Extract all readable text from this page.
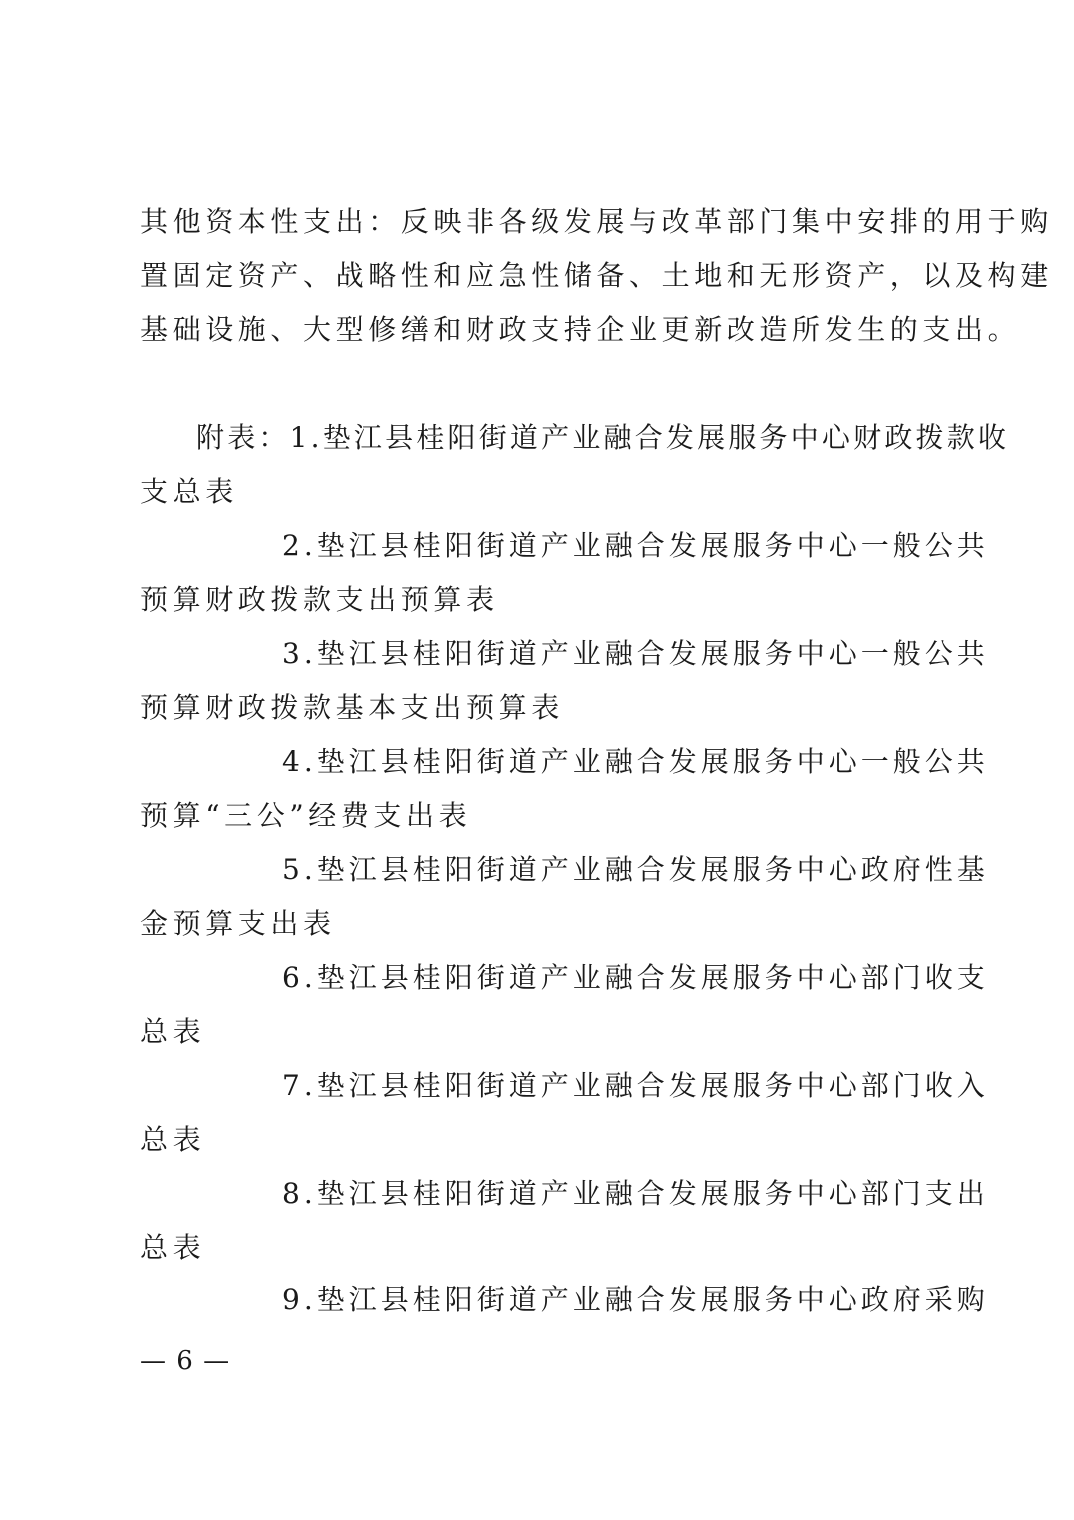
其他资本性支出：反映非各级发展与改革部门集中安排的用于购
置固定资产、战略性和应急性储备、土地和无形资产，以及构建
基础设施、大型修缮和财政支持企业更新改造所发生的支出。
附表：1.垫江县桂阳街道产业融合发展服务中心财政拨款收
支总表
2.垫江县桂阳街道产业融合发展服务中心一般公共
预算财政拨款支出预算表
3.垫江县桂阳街道产业融合发展服务中心一般公共
预算财政拨款基本支出预算表
4.垫江县桂阳街道产业融合发展服务中心一般公共
预算“三公”经费支出表
5.垫江县桂阳街道产业融合发展服务中心政府性基
金预算支出表
6.垫江县桂阳街道产业融合发展服务中心部门收支
总表
7.垫江县桂阳街道产业融合发展服务中心部门收入
总表
8.垫江县桂阳街道产业融合发展服务中心部门支出
总表
9.垫江县桂阳街道产业融合发展服务中心政府采购
— 6 —
